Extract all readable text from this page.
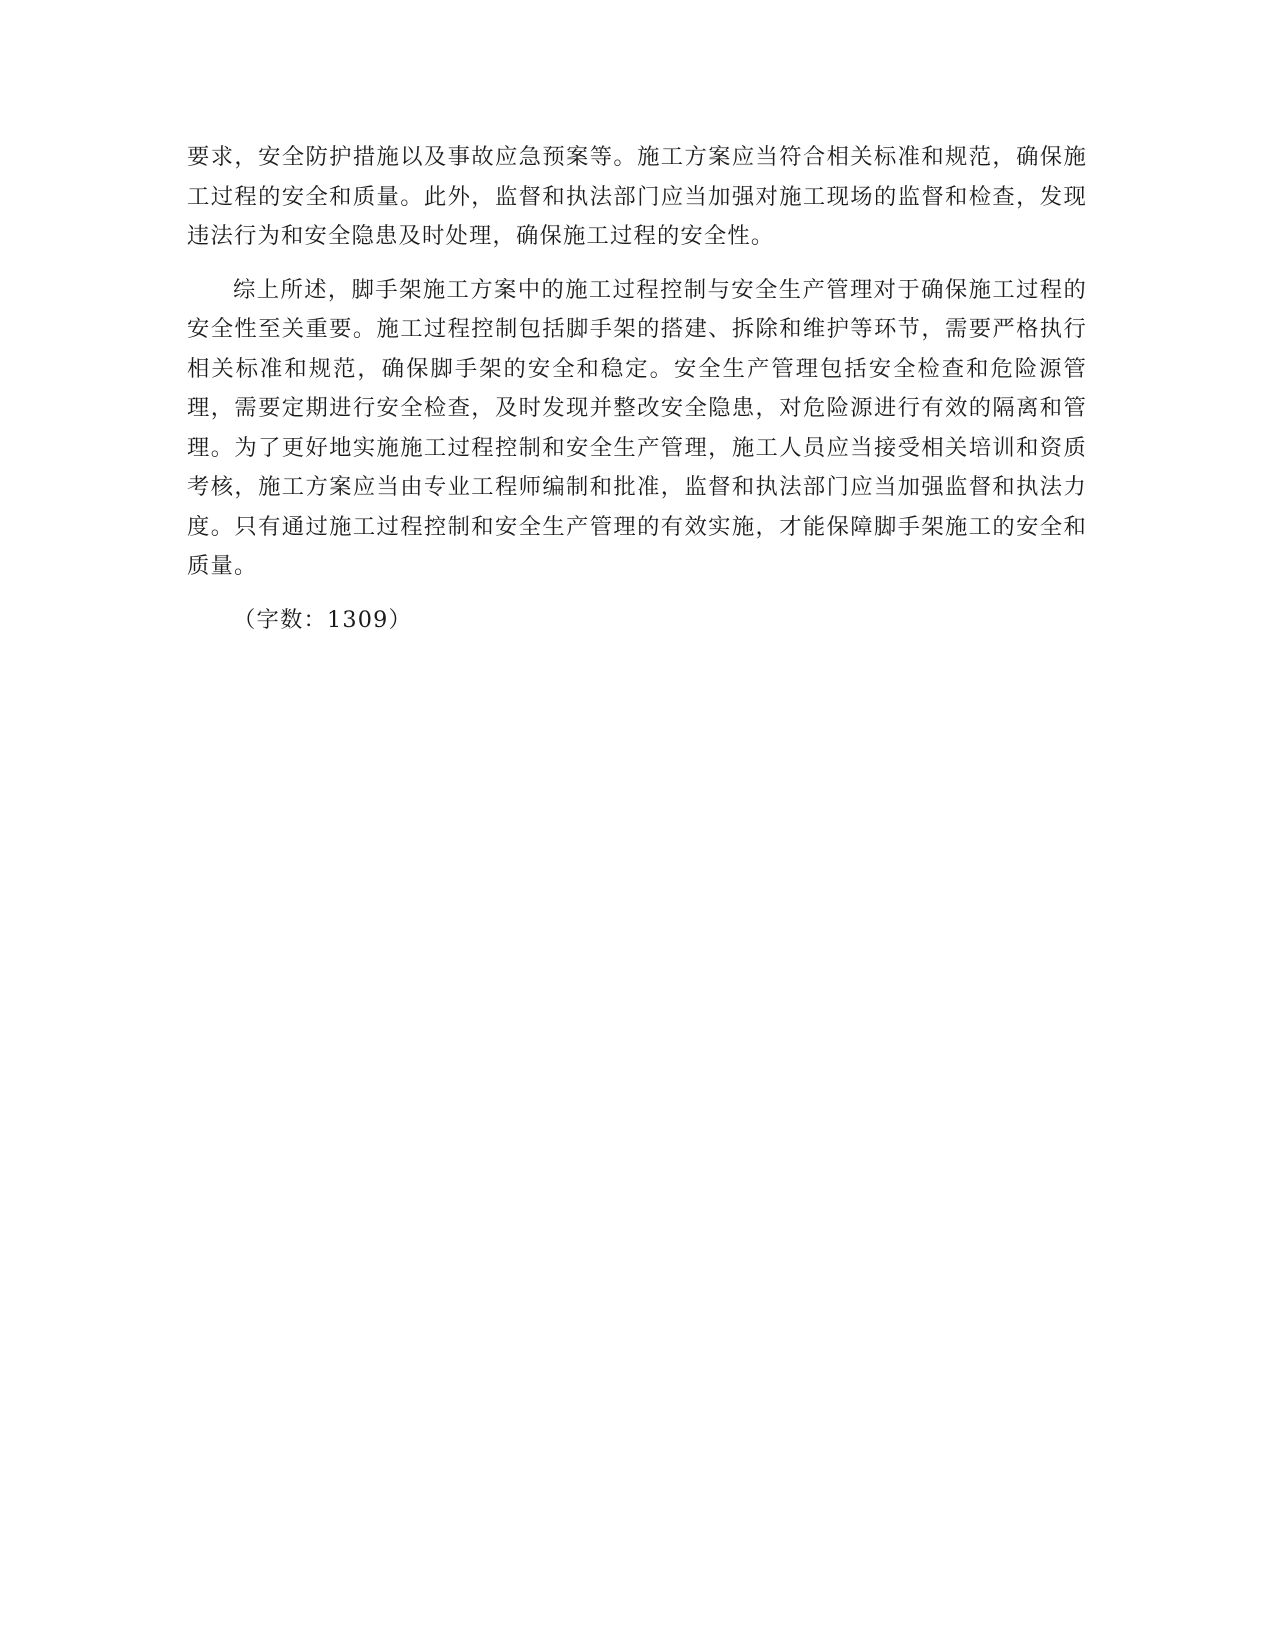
要求，安全防护措施以及事故应急预案等。施工方案应当符合相关标准和规范，确保施工过程的安全和质量。此外，监督和执法部门应当加强对施工现场的监督和检查，发现违法行为和安全隐患及时处理，确保施工过程的安全性。

综上所述，脚手架施工方案中的施工过程控制与安全生产管理对于确保施工过程的安全性至关重要。施工过程控制包括脚手架的搭建、拆除和维护等环节，需要严格执行相关标准和规范，确保脚手架的安全和稳定。安全生产管理包括安全检查和危险源管理，需要定期进行安全检查，及时发现并整改安全隐患，对危险源进行有效的隔离和管理。为了更好地实施施工过程控制和安全生产管理，施工人员应当接受相关培训和资质考核，施工方案应当由专业工程师编制和批准，监督和执法部门应当加强监督和执法力度。只有通过施工过程控制和安全生产管理的有效实施，才能保障脚手架施工的安全和质量。

（字数：1309）
